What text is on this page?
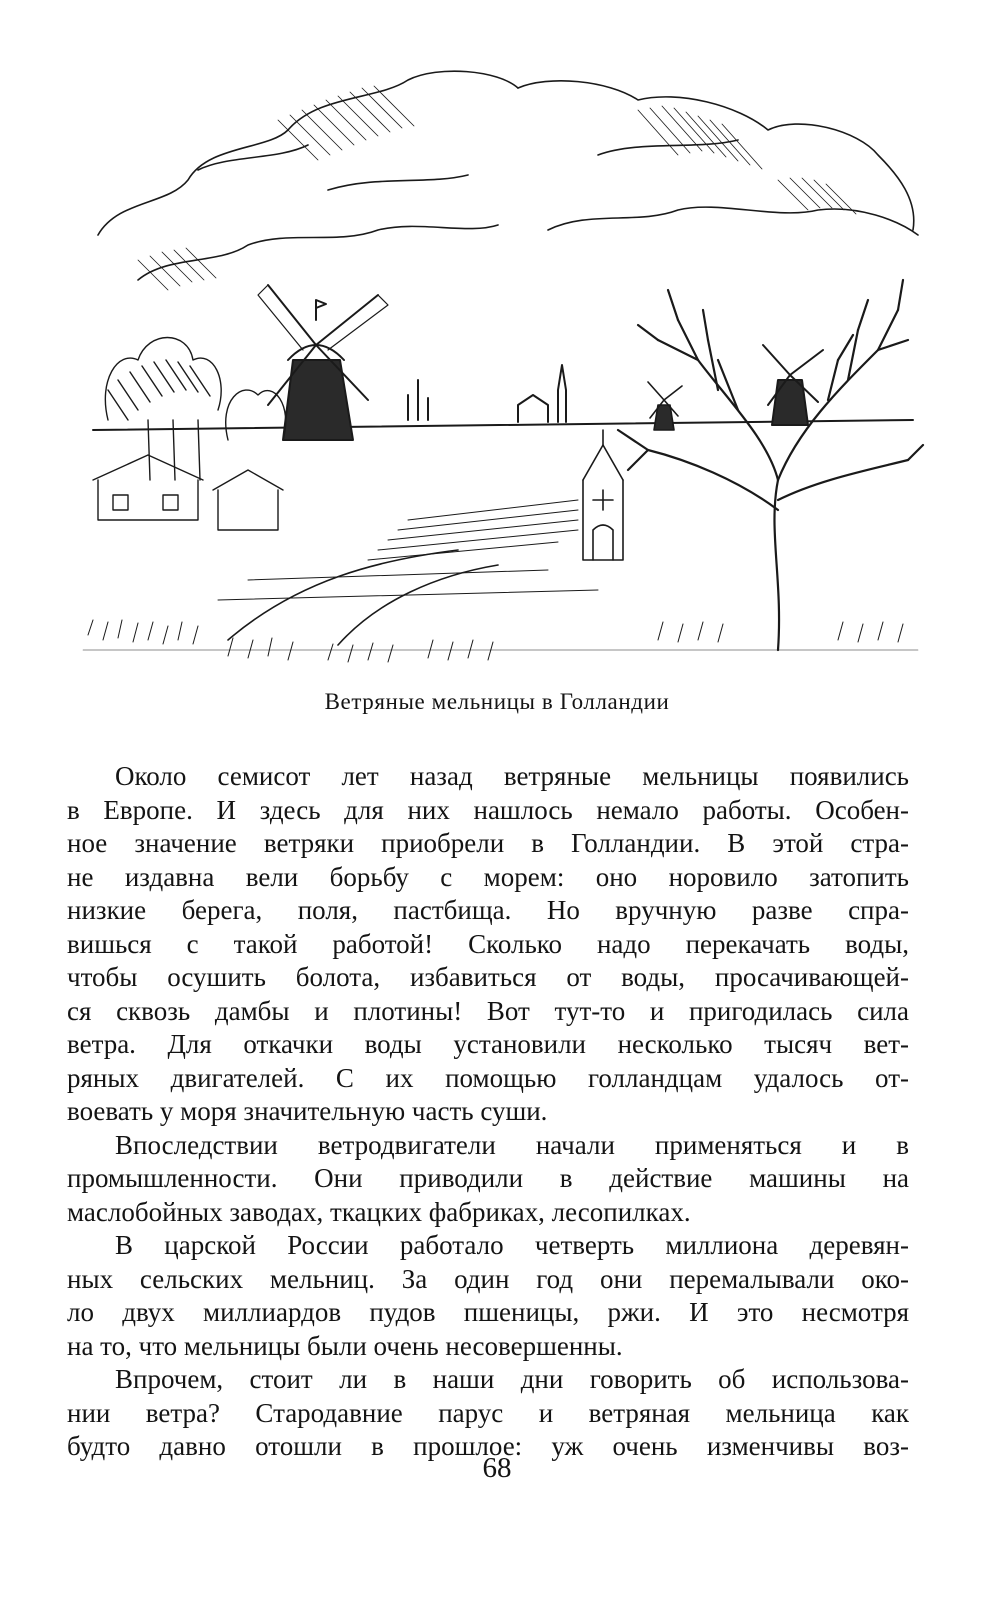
Ветряные мельницы в Голландии
Около семисот лет назад ветряные мельницы появились
в Европе. И здесь для них нашлось немало работы. Особен-
ное значение ветряки приобрели в Голландии. В этой стра-
не издавна вели борьбу с морем: оно норовило затопить
низкие берега, поля, пастбища. Но вручную разве спра-
вишься с такой работой! Сколько надо перекачать воды,
чтобы осушить болота, избавиться от воды, просачивающей-
ся сквозь дамбы и плотины! Вот тут-то и пригодилась сила
ветра. Для откачки воды установили несколько тысяч вет-
ряных двигателей. С их помощью голландцам удалось от-
воевать у моря значительную часть суши.
Впоследствии ветродвигатели начали применяться и в
промышленности. Они приводили в действие машины на
маслобойных заводах, ткацких фабриках, лесопилках.
В царской России работало четверть миллиона деревян-
ных сельских мельниц. За один год они перемалывали око-
ло двух миллиардов пудов пшеницы, ржи. И это несмотря
на то, что мельницы были очень несовершенны.
Впрочем, стоит ли в наши дни говорить об использова-
нии ветра? Стародавние парус и ветряная мельница как
будто давно отошли в прошлое: уж очень изменчивы воз-
68
